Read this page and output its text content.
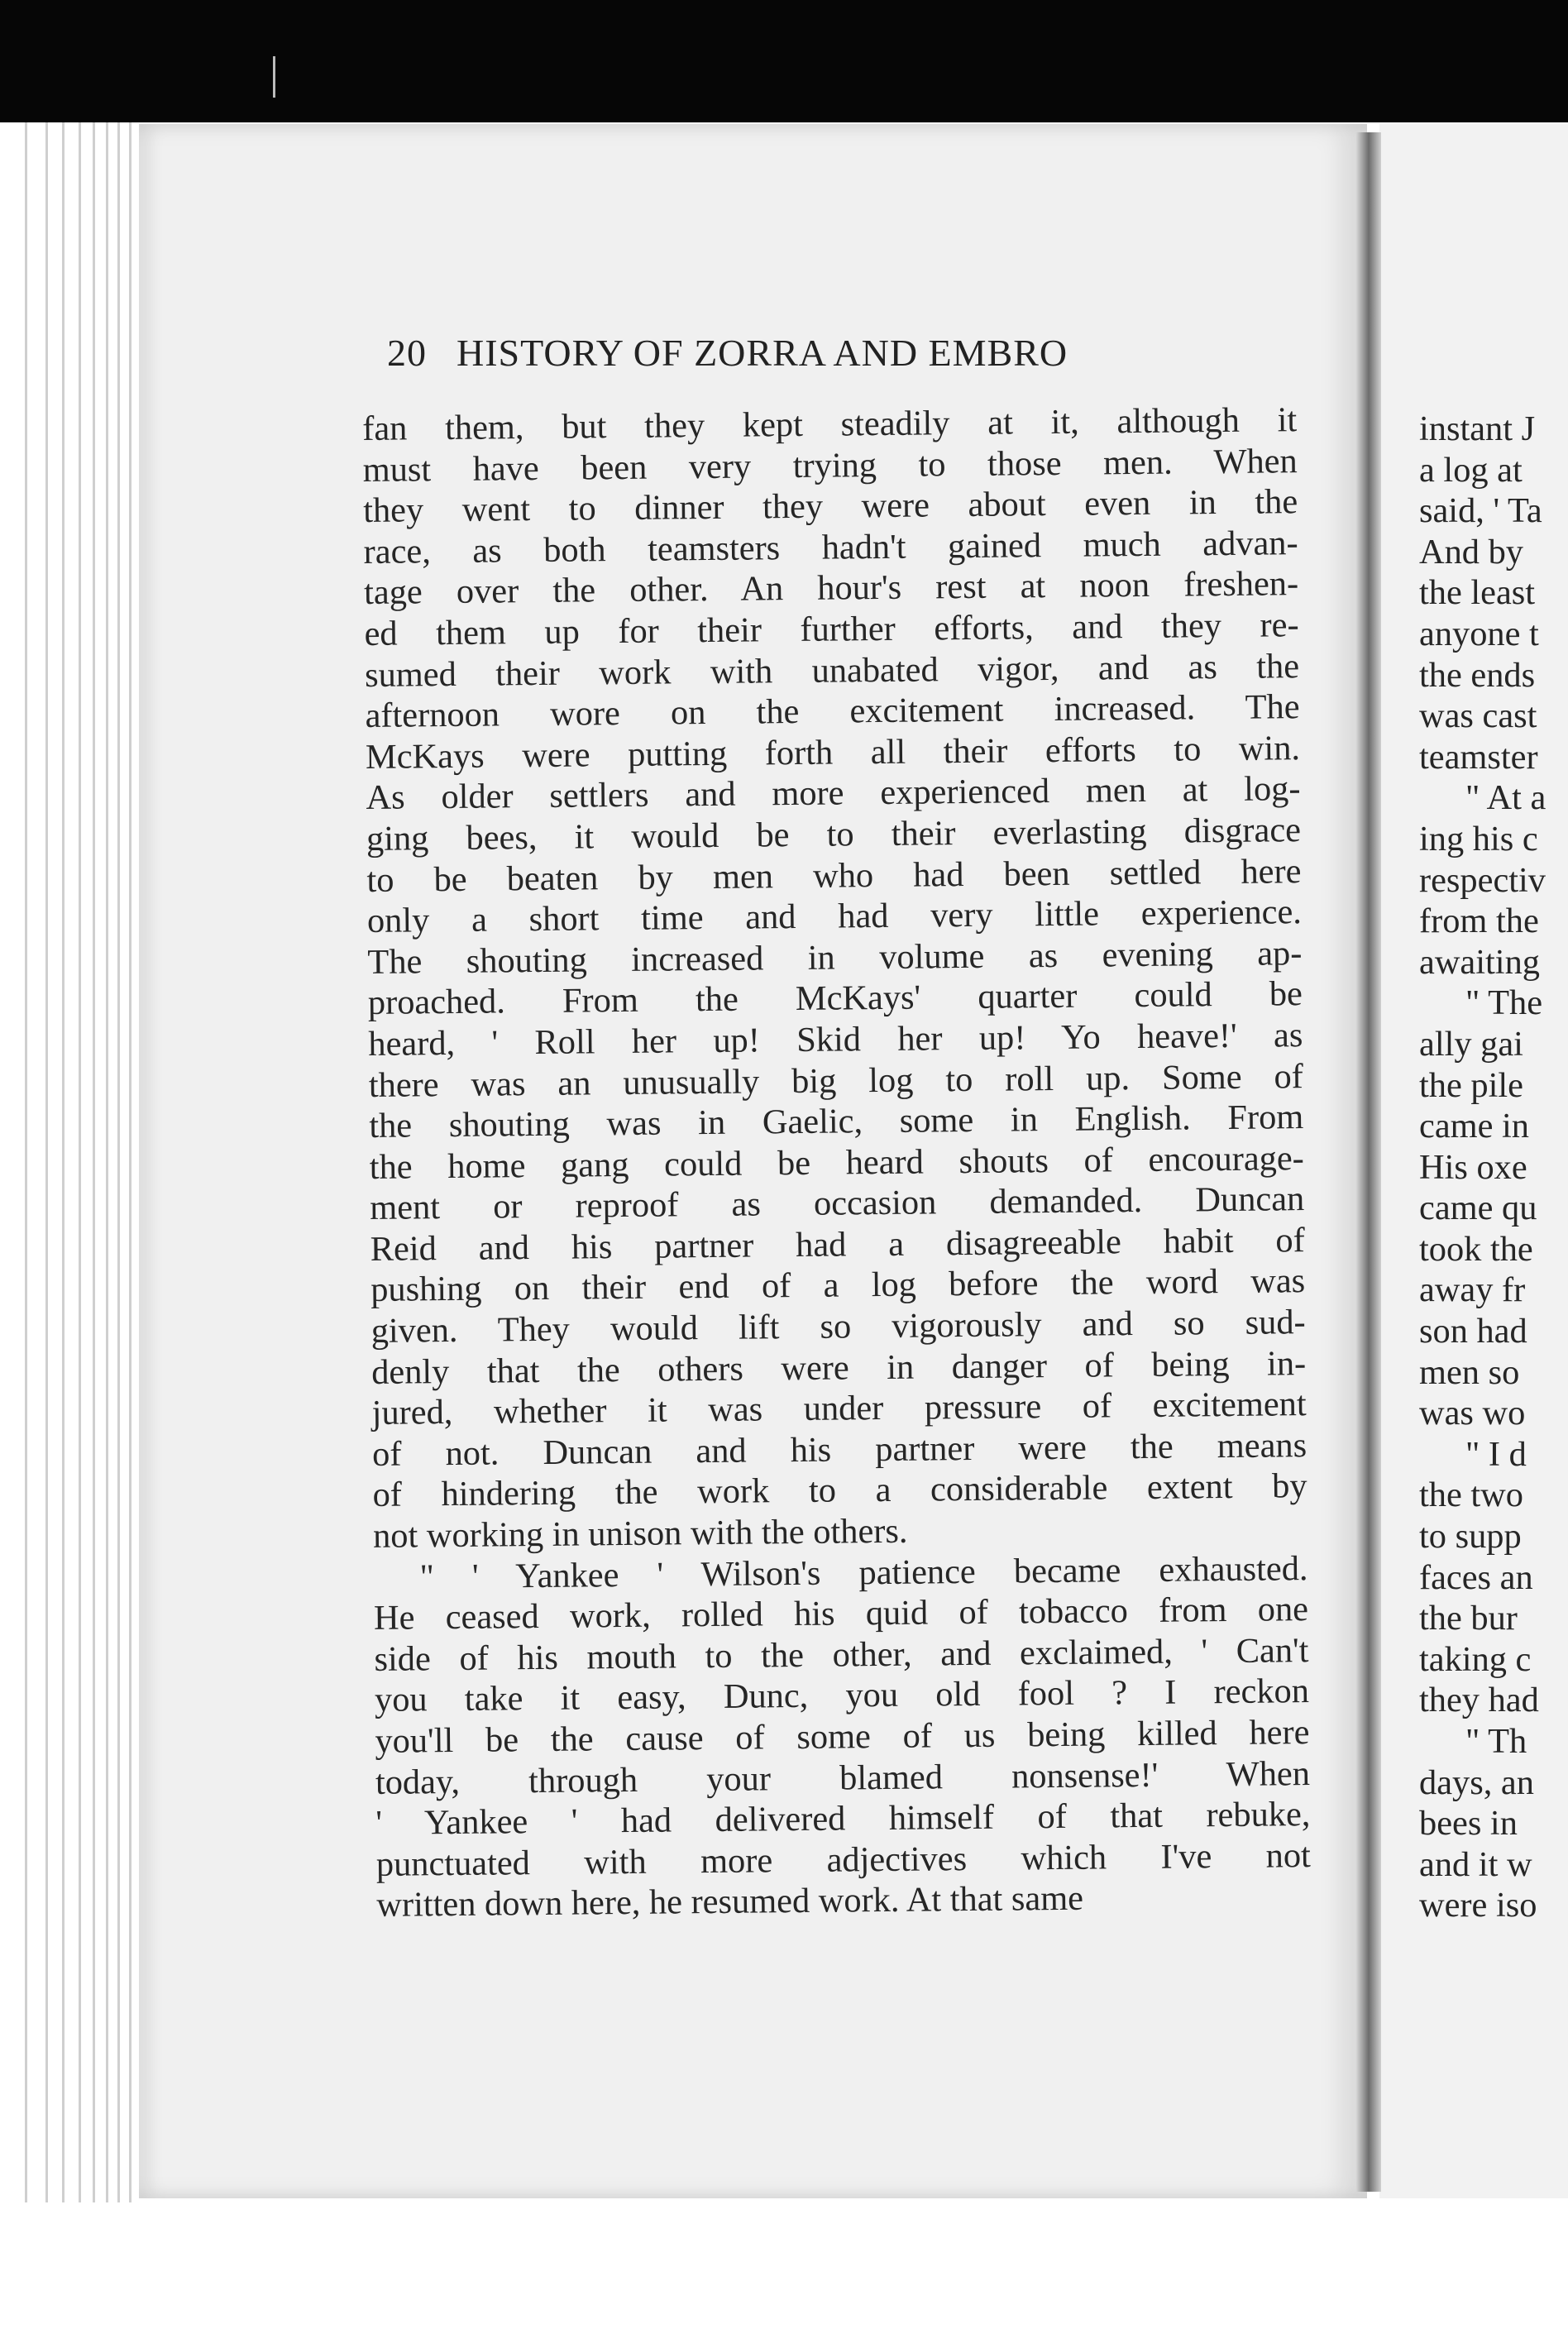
20 HISTORY OF ZORRA AND EMBRO
fan them, but they kept steadily at it, although it
must have been very trying to those men. When
they went to dinner they were about even in the
race, as both teamsters hadn't gained much advan-
tage over the other. An hour's rest at noon freshen-
ed them up for their further efforts, and they re-
sumed their work with unabated vigor, and as the
afternoon wore on the excitement increased. The
McKays were putting forth all their efforts to win.
As older settlers and more experienced men at log-
ging bees, it would be to their everlasting disgrace
to be beaten by men who had been settled here
only a short time and had very little experience.
The shouting increased in volume as evening ap-
proached. From the McKays' quarter could be
heard, ' Roll her up! Skid her up! Yo heave!' as
there was an unusually big log to roll up. Some of
the shouting was in Gaelic, some in English. From
the home gang could be heard shouts of encourage-
ment or reproof as occasion demanded. Duncan
Reid and his partner had a disagreeable habit of
pushing on their end of a log before the word was
given. They would lift so vigorously and so sud-
denly that the others were in danger of being in-
jured, whether it was under pressure of excitement
of not. Duncan and his partner were the means
of hindering the work to a considerable extent by
not working in unison with the others.
" ' Yankee ' Wilson's patience became exhausted.
He ceased work, rolled his quid of tobacco from one
side of his mouth to the other, and exclaimed, ' Can't
you take it easy, Dunc, you old fool ? I reckon
you'll be the cause of some of us being killed here
today, through your blamed nonsense!' When
' Yankee ' had delivered himself of that rebuke,
punctuated with more adjectives which I've not
written down here, he resumed work. At that same
instant J
a log at
said, ' Ta
And by
the least
anyone t
the ends
was cast
teamster
" At a
ing his c
respectiv
from the
awaiting
" The
ally gai
the pile
came in
His oxe
came qu
took the
away fr
son had
men so
was wo
" I d
the two
to supp
faces an
the bur
taking c
they had
" Th
days, an
bees in
and it w
were iso
